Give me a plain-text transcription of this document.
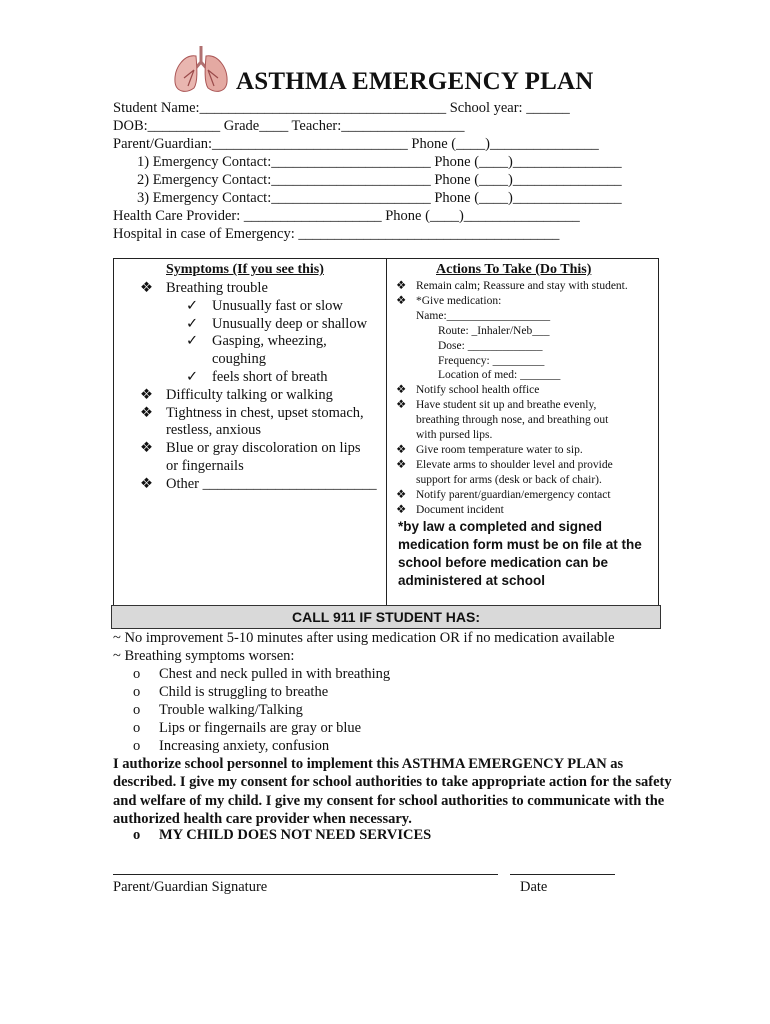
ASTHMA EMERGENCY PLAN
Student Name:__________________________________ School year: ______
DOB:__________ Grade____ Teacher:_________________
Parent/Guardian:___________________________ Phone (____)_______________
1) Emergency Contact:______________________ Phone (____)_______________
2) Emergency Contact:______________________ Phone (____)_______________
3) Emergency Contact:______________________ Phone (____)_______________
Health Care Provider: ___________________ Phone (____)________________
Hospital in case of Emergency: ____________________________________
Symptoms (If you see this)	Actions To Take (Do This)
❖ Breathing trouble
✓ Unusually fast or slow
✓ Unusually deep or shallow
✓ Gasping, wheezing,
coughing
✓ feels short of breath
❖ Difficulty talking or walking
❖ Tightness in chest, upset stomach,
restless, anxious
❖ Blue or gray discoloration on lips
or fingernails
❖ Other ________________________
❖ Remain calm; Reassure and stay with student.
❖ *Give medication:
Name:__________________
Route: _Inhaler/Neb___
Dose: _____________
Frequency: _________
Location of med: _______
❖ Notify school health office
❖ Have student sit up and breathe evenly,
breathing through nose, and breathing out
with pursed lips.
❖ Give room temperature water to sip.
❖ Elevate arms to shoulder level and provide
support for arms (desk or back of chair).
❖ Notify parent/guardian/emergency contact
❖ Document incident
*by law a completed and signed medication form must be on file at the school before medication can be administered at school
CALL 911 IF STUDENT HAS:
~ No improvement 5-10 minutes after using medication OR if no medication available
~ Breathing symptoms worsen:
o Chest and neck pulled in with breathing
o Child is struggling to breathe
o Trouble walking/Talking
o Lips or fingernails are gray or blue
o Increasing anxiety, confusion
I authorize school personnel to implement this ASTHMA EMERGENCY PLAN as described. I give my consent for school authorities to take appropriate action for the safety and welfare of my child. I give my consent for school authorities to communicate with the authorized health care provider when necessary.
o MY CHILD DOES NOT NEED SERVICES
Parent/Guardian Signature	Date
